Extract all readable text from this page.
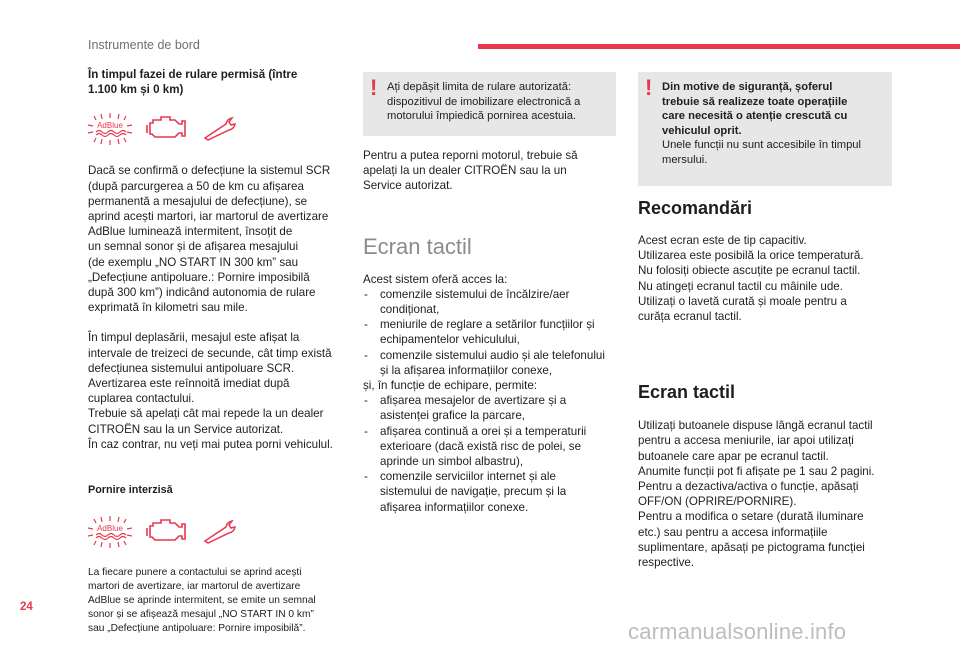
Instrumente de bord

În timpul fazei de rulare permisă (între
1.100 km și 0 km)

AdBlue

Dacă se confirmă o defecțiune la sistemul SCR
(după parcurgerea a 50 de km cu afișarea
permanentă a mesajului de defecțiune), se
aprind acești martori, iar martorul de avertizare
AdBlue luminează intermitent, însoțit de
un semnal sonor și de afișarea mesajului
(de exemplu „NO START IN 300 km” sau
„Defecțiune antipoluare.: Pornire imposibilă
după 300 km”) indicând autonomia de rulare
exprimată în kilometri sau mile.

În timpul deplasării, mesajul este afișat la
intervale de treizeci de secunde, cât timp există
defecțiunea sistemului antipoluare SCR.
Avertizarea este reînnoită imediat după
cuplarea contactului.
Trebuie să apelați cât mai repede la un dealer
CITROËN sau la un Service autorizat.
În caz contrar, nu veți mai putea porni vehiculul.

Pornire interzisă

AdBlue

La fiecare punere a contactului se aprind acești
martori de avertizare, iar martorul de avertizare
AdBlue se aprinde intermitent, se emite un semnal
sonor și se afișează mesajul „NO START IN 0 km”
sau „Defecțiune antipoluare: Pornire imposibilă”.

! Ați depășit limita de rulare autorizată:
dispozitivul de imobilizare electronică a
motorului împiedică pornirea acestuia.

Pentru a putea reporni motorul, trebuie să
apelați la un dealer CITROËN sau la un
Service autorizat.

Ecran tactil

Acest sistem oferă acces la:

- comenzile sistemului de încălzire/aer
condiționat,
- meniurile de reglare a setărilor funcțiilor și
echipamentelor vehiculului,
- comenzile sistemului audio și ale telefonului
și la afișarea informațiilor conexe,

și, în funcție de echipare, permite:

- afișarea mesajelor de avertizare și a
asistenței grafice la parcare,
- afișarea continuă a orei și a temperaturii
exterioare (dacă există risc de polei, se
aprinde un simbol albastru),
- comenzile serviciilor internet și ale
sistemului de navigație, precum și la
afișarea informațiilor conexe.
! Din motive de siguranță, șoferul
trebuie să realizeze toate operațiile
care necesită o atenție crescută cu
vehiculul oprit.

Unele funcții nu sunt accesibile în timpul
mersului.

Recomandări

Acest ecran este de tip capacitiv.
Utilizarea este posibilă la orice temperatură.
Nu folosiți obiecte ascuțite pe ecranul tactil.
Nu atingeți ecranul tactil cu mâinile ude.
Utilizați o lavetă curată și moale pentru a
curăța ecranul tactil.

Ecran tactil

Utilizați butoanele dispuse lângă ecranul tactil
pentru a accesa meniurile, iar apoi utilizați
butoanele care apar pe ecranul tactil.
Anumite funcții pot fi afișate pe 1 sau 2 pagini.
Pentru a dezactiva/activa o funcție, apăsați
OFF/ON (OPRIRE/PORNIRE).
Pentru a modifica o setare (durată iluminare
etc.) sau pentru a accesa informațiile
suplimentare, apăsați pe pictograma funcției
respective.

24
carmanualsonline.info
